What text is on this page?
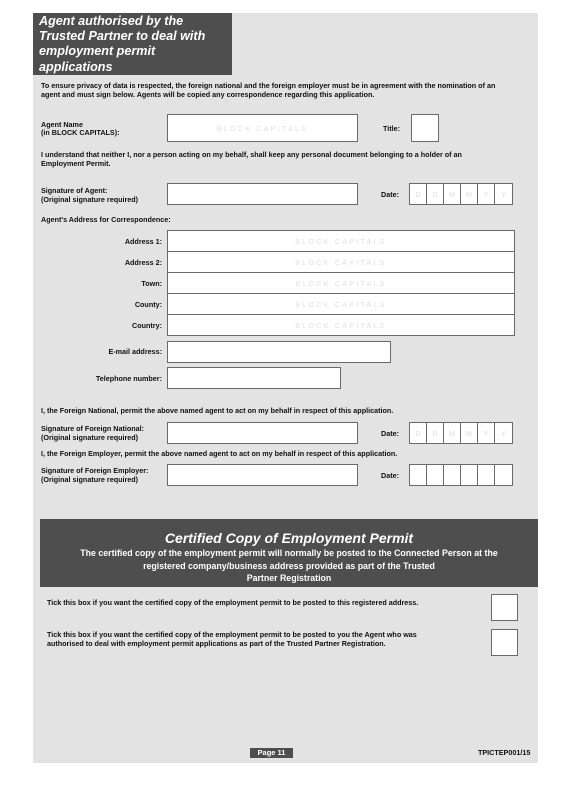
Agent authorised by the
Trusted Partner to deal with
employment permit
applications
To ensure privacy of data is respected, the foreign national and the foreign employer must be in agreement with the nomination of an
agent and must sign below. Agents will be copied any correspondence regarding this application.
Agent Name
(in BLOCK CAPITALS):	BLOCK CAPITALS	Title:
I understand that neither I, nor a person acting on my behalf, shall keep any personal document belonging to a holder of an
Employment Permit.
Signature of Agent:
(Original signature required)
Date:	D	D	M	M	Y	Y
Agent's Address for Correspondence:
Address 1:	BLOCK CAPITALS
Address 2:	BLOCK CAPITALS
Town:	BLOCK CAPITALS
County:	BLOCK CAPITALS
Country:	BLOCK CAPITALS
E-mail address:
Telephone number:
I, the Foreign National, permit the above named agent to act on my behalf in respect of this application.
Signature of Foreign National:
(Original signature required)	Date:	D	D	M	M	Y	Y
I, the Foreign Employer, permit the above named agent to act on my behalf in respect of this application.
Signature of Foreign Employer:
(Original signature required)	Date:
Certified Copy of Employment Permit
The certified copy of the employment permit will normally be posted to the Connected Person at the
registered company/business address provided as part of the Trusted
Partner Registration
Tick this box if you want the certified copy of the employment permit to be posted to this registered address.
Tick this box if you want the certified copy of the employment permit to be posted to you the Agent who was
authorised to deal with employment permit applications as part of the Trusted Partner Registration.
Page 11	TPICTEP001/15
